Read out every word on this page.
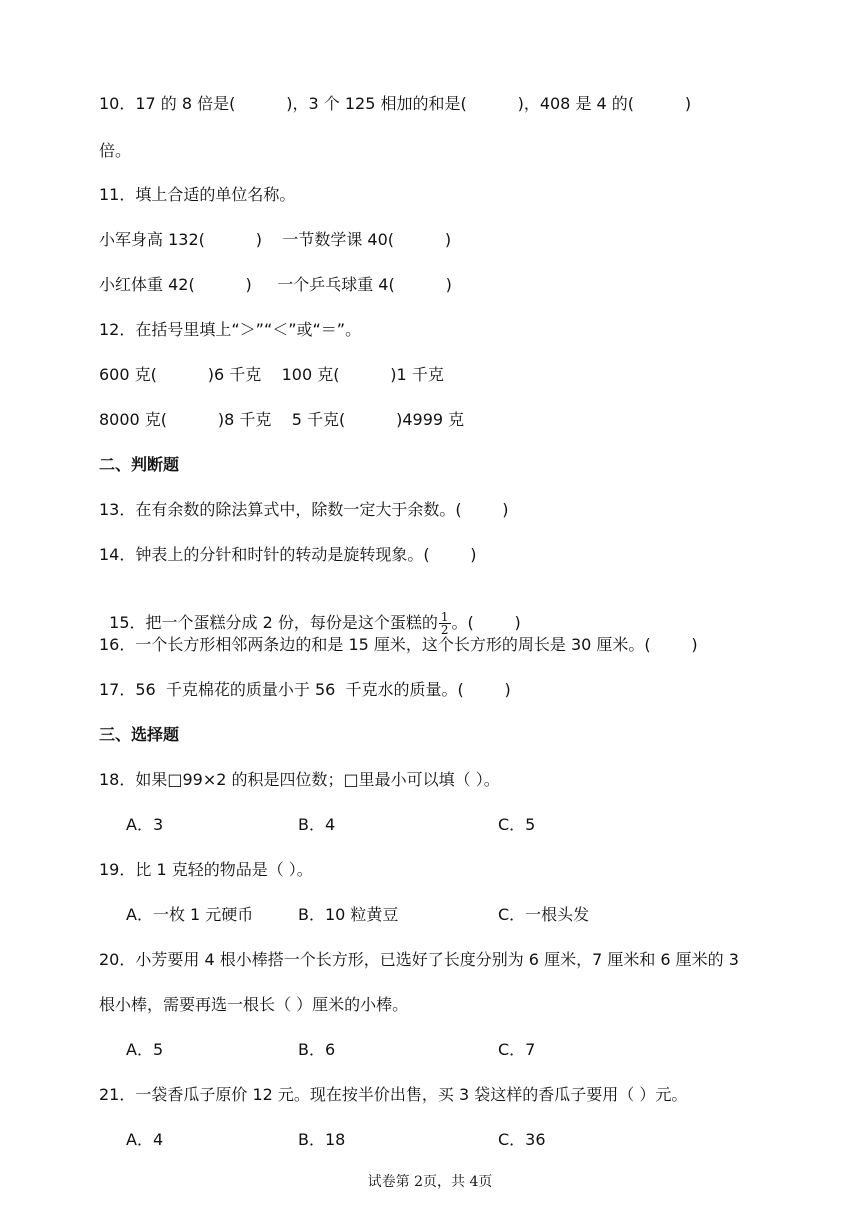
10．17 的 8 倍是(          )，3 个 125 相加的和是(          )，408 是 4 的(          )
倍。
11．填上合适的单位名称。
小军身高 132(          )    一节数学课 40(          )
小红体重 42(          )     一个乒乓球重 4(          )
12．在括号里填上“＞”“＜”或“＝”。
600 克(          )6 千克    100 克(          )1 千克
8000 克(          )8 千克    5 千克(          )4999 克
二、判断题
13．在有余数的除法算式中，除数一定大于余数。(        )
14．钟表上的分针和时针的转动是旋转现象。(        )

15．把一个蛋糕分成 2 份，每份是这个蛋糕的 $\frac{1}{2}$ 。(        )

16．一个长方形相邻两条边的和是 15 厘米，这个长方形的周长是 30 厘米。(        )
17．56  千克棉花的质量小于 56  千克水的质量。(        )
三、选择题
18．如果□99×2 的积是四位数；□里最小可以填（ ）。
A．3	B．4	C．5
19．比 1 克轻的物品是（ ）。
A．一枚 1 元硬币	B．10 粒黄豆	C．一根头发
20．小芳要用 4 根小棒搭一个长方形，已选好了长度分别为 6 厘米，7 厘米和 6 厘米的 3
根小棒，需要再选一根长（ ）厘米的小棒。
A．5	B．6	C．7
21．一袋香瓜子原价 12 元。现在按半价出售，买 3 袋这样的香瓜子要用（ ）元。
A．4	B．18	C．36
试卷第 2页，共 4页
